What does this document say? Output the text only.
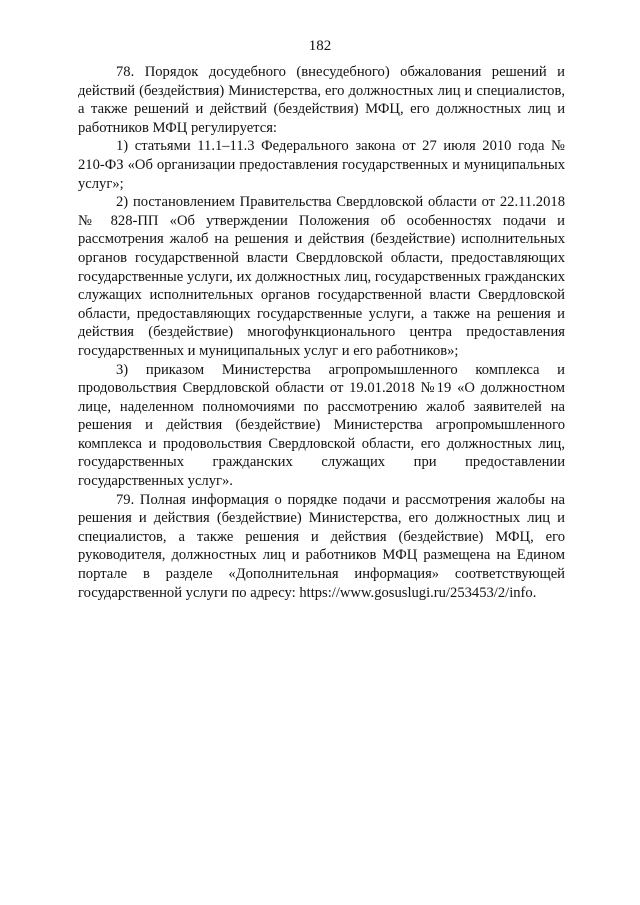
182

78. Порядок досудебного (внесудебного) обжалования решений и действий (бездействия) Министерства, его должностных лиц и специалистов, а также решений и действий (бездействия) МФЦ, его должностных лиц и работников МФЦ регулируется:

1) статьями 11.1–11.3 Федерального закона от 27 июля 2010 года № 210-ФЗ «Об организации предоставления государственных и муниципальных услуг»;

2) постановлением Правительства Свердловской области от 22.11.2018 № 828-ПП «Об утверждении Положения об особенностях подачи и рассмотрения жалоб на решения и действия (бездействие) исполнительных органов государственной власти Свердловской области, предоставляющих государственные услуги, их должностных лиц, государственных гражданских служащих исполнительных органов государственной власти Свердловской области, предоставляющих государственные услуги, а также на решения и действия (бездействие) многофункционального центра предоставления государственных и муниципальных услуг и его работников»;

3) приказом Министерства агропромышленного комплекса и продовольствия Свердловской области от 19.01.2018 №19 «О должностном лице, наделенном полномочиями по рассмотрению жалоб заявителей на решения и действия (бездействие) Министерства агропромышленного комплекса и продовольствия Свердловской области, его должностных лиц, государственных гражданских служащих при предоставлении государственных услуг».

79. Полная информация о порядке подачи и рассмотрения жалобы на решения и действия (бездействие) Министерства, его должностных лиц и специалистов, а также решения и действия (бездействие) МФЦ, его руководителя, должностных лиц и работников МФЦ размещена на Едином портале в разделе «Дополнительная информация» соответствующей государственной услуги по адресу: https://www.gosuslugi.ru/253453/2/info.
